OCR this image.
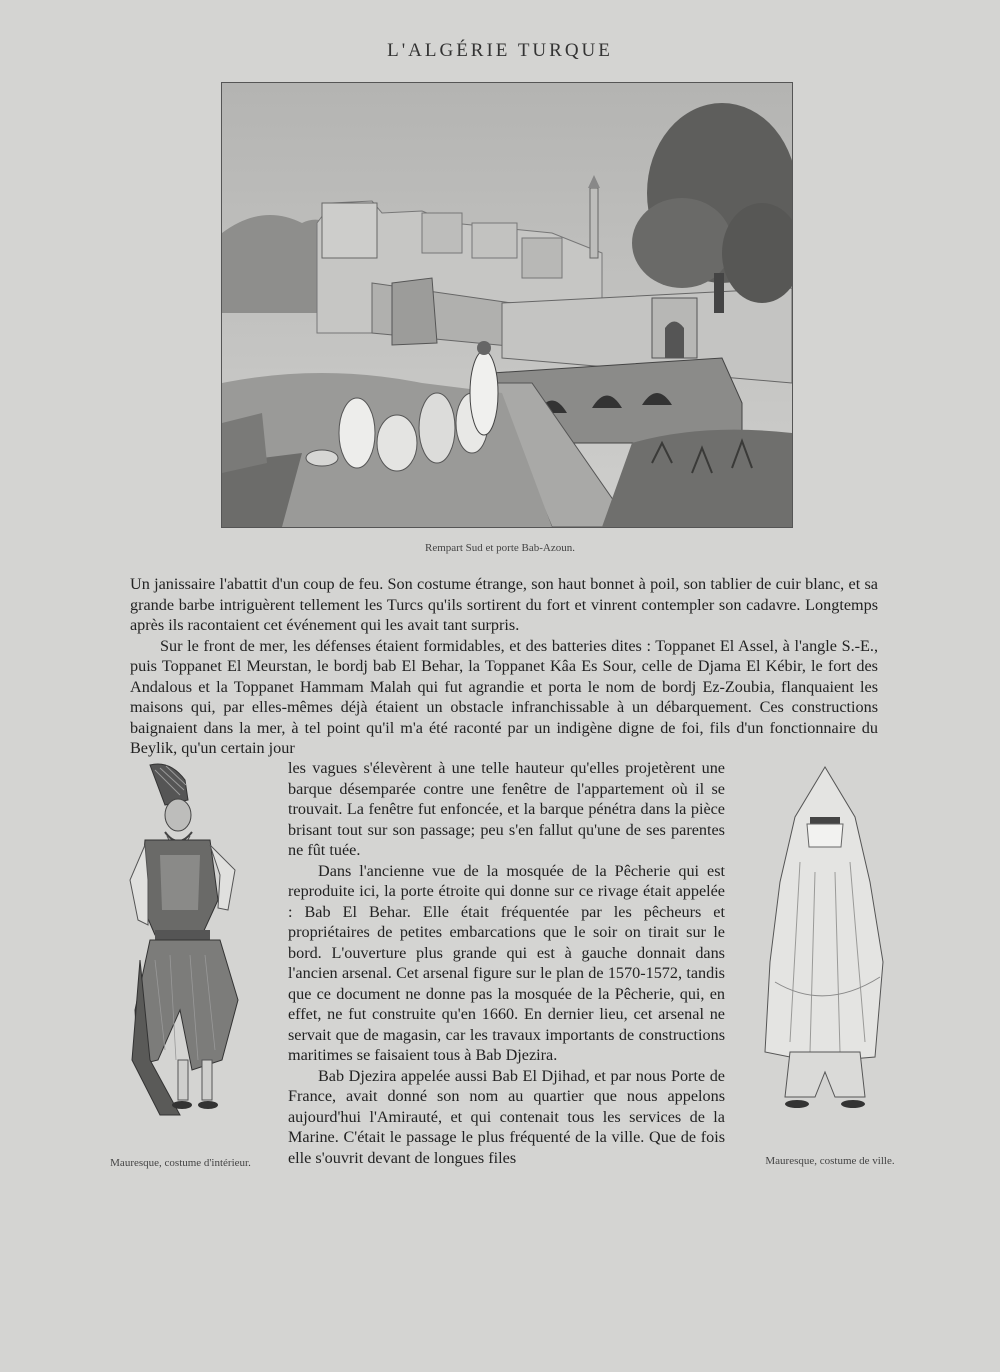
L'ALGÉRIE TURQUE
Rempart Sud et porte Bab-Azoun.

Un janissaire l'abattit d'un coup de feu. Son costume étrange, son haut bonnet à poil, son tablier de cuir blanc, et sa grande barbe intriguèrent tellement les Turcs qu'ils sortirent du fort et vinrent contempler son cadavre. Longtemps après ils racontaient cet événement qui les avait tant surpris.

Sur le front de mer, les défenses étaient formidables, et des batteries dites : Toppanet El Assel, à l'angle S.-E., puis Toppanet El Meurstan, le bordj bab El Behar, la Toppanet Kâa Es Sour, celle de Djama El Kébir, le fort des Andalous et la Toppanet Hammam Malah qui fut agrandie et porta le nom de bordj Ez-Zoubia, flanquaient les maisons qui, par elles-mêmes déjà étaient un obstacle infranchissable à un débarquement. Ces constructions baignaient dans la mer, à tel point qu'il m'a été raconté par un indigène digne de foi, fils d'un fonctionnaire du Beylik, qu'un certain jour

les vagues s'élevèrent à une telle hauteur qu'elles projetèrent une barque désemparée contre une fenêtre de l'appartement où il se trouvait. La fenêtre fut enfoncée, et la barque pénétra dans la pièce brisant tout sur son passage; peu s'en fallut qu'une de ses parentes ne fût tuée.

Dans l'ancienne vue de la mosquée de la Pêcherie qui est reproduite ici, la porte étroite qui donne sur ce rivage était appelée : Bab El Behar. Elle était fréquentée par les pêcheurs et propriétaires de petites embarcations que le soir on tirait sur le bord. L'ouverture plus grande qui est à gauche donnait dans l'ancien arsenal. Cet arsenal figure sur le plan de 1570-1572, tandis que ce document ne donne pas la mosquée de la Pêcherie, qui, en effet, ne fut construite qu'en 1660. En dernier lieu, cet arsenal ne servait que de magasin, car les travaux importants de constructions maritimes se faisaient tous à Bab Djezira.

Bab Djezira appelée aussi Bab El Djihad, et par nous Porte de France, avait donné son nom au quartier que nous appelons aujourd'hui l'Amirauté, et qui contenait tous les services de la Marine. C'était le passage le plus fréquenté de la ville. Que de fois elle s'ouvrit devant de longues files

Mauresque, costume d'intérieur.	Mauresque, costume de ville.
